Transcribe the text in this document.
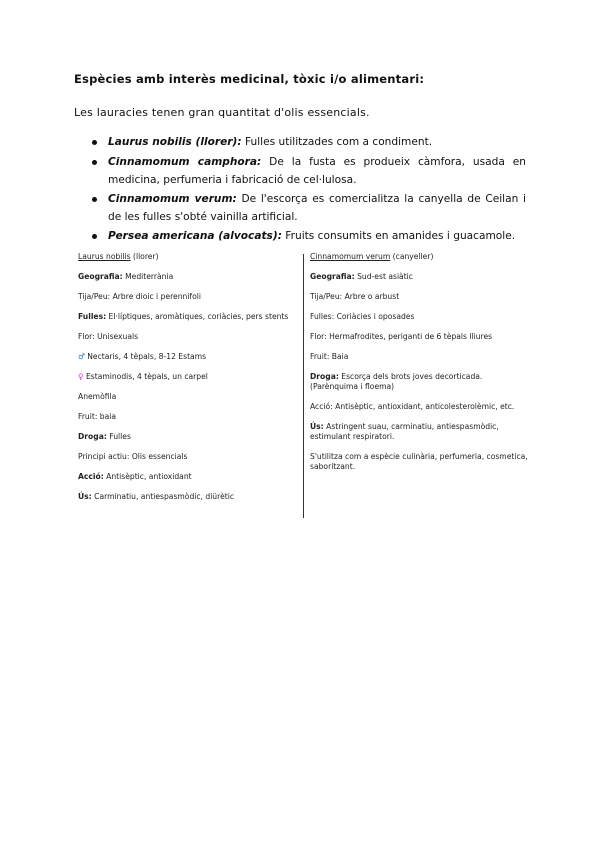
Espècies amb interès medicinal, tòxic i/o alimentari:
Les lauracies tenen gran quantitat d'olis essencials.
Laurus nobilis (llorer): Fulles utilitzades com a condiment.
Cinnamomum camphora: De la fusta es produeix càmfora, usada en medicina, perfumeria i fabricació de cel·lulosa.
Cinnamomum verum: De l'escorça es comercialitza la canyella de Ceilan i de les fulles s'obté vainilla artificial.
Persea americana (alvocats): Fruits consumits en amanides i guacamole.

Laurus nobilis (llorer)

Geografia: Mediterrània

Tija/Peu: Arbre dioic i perennifoli

Fulles: El·líptiques, aromàtiques, coriàcies, pers stents

Flor: Unisexuals

♂ Nectaris, 4 tèpals, 8-12 Estams

♀ Estaminodis, 4 tèpals, un carpel

Anemòfila

Fruit: baia

Droga: Fulles

Principi actiu: Olis essencials

Acció: Antisèptic, antioxidant

Ús: Carminatiu, antiespasmòdic, diürètic

Cinnamomum verum (canyeller)

Geografia: Sud-est asiàtic

Tija/Peu: Arbre o arbust

Fulles: Coriàcies i oposades

Flor: Hermafrodites, periganti de 6 tèpals lliures

Fruit: Baia

Droga: Escorça dels brots joves decorticada. (Parènquima i floema)

Acció: Antisèptic, antioxidant, anticolesterolèmic, etc.

Ús: Astringent suau, carminatiu, antiespasmòdic, estimulant respiratori.

S'utilitza com a espècie culinària, perfumeria, cosmetica, saboritzant.
